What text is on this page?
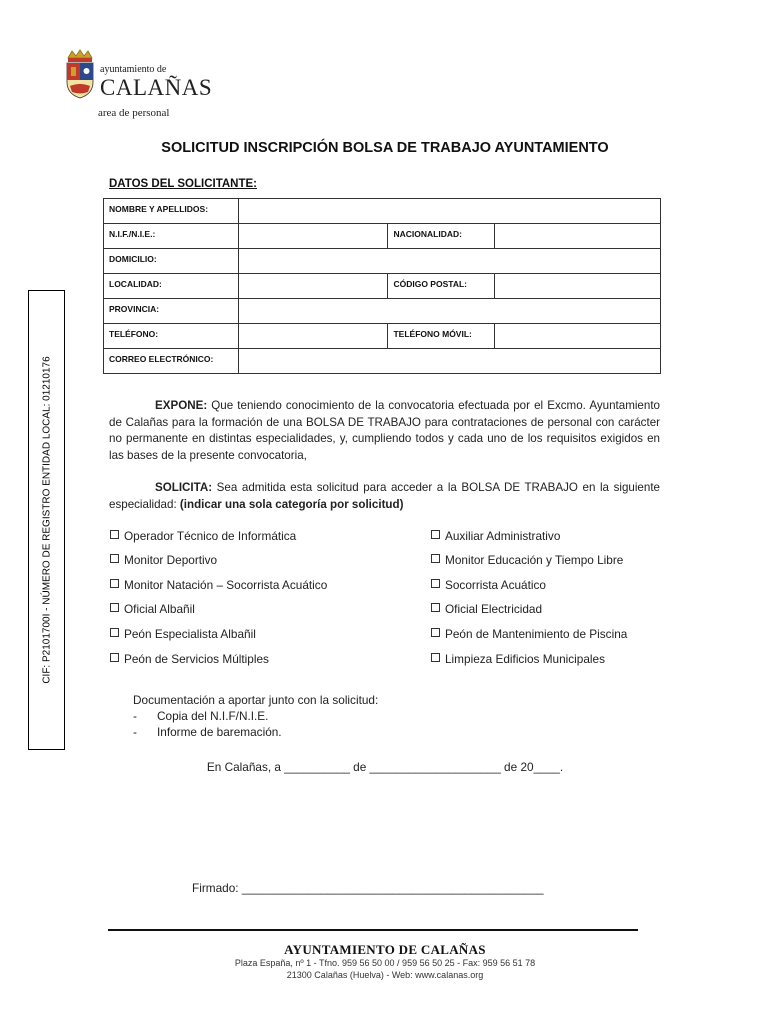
ayuntamiento de
CALAÑAS
area de personal
CIF: P2101700I - NÚMERO DE REGISTRO ENTIDAD LOCAL: 01210176
SOLICITUD INSCRIPCIÓN BOLSA DE TRABAJO AYUNTAMIENTO
DATOS DEL SOLICITANTE:
NOMBRE Y APELLIDOS:			
N.I.F./N.I.E.:		NACIONALIDAD:	
DOMICILIO:			
LOCALIDAD:		CÓDIGO POSTAL:	
PROVINCIA:			
TELÉFONO:		TELÉFONO MÓVIL:	
CORREO ELECTRÓNICO:			
EXPONE: Que teniendo conocimiento de la convocatoria efectuada por el Excmo. Ayuntamiento de Calañas para la formación de una BOLSA DE TRABAJO para contrataciones de personal con carácter no permanente en distintas especialidades, y, cumpliendo todos y cada uno de los requisitos exigidos en las bases de la presente convocatoria,
SOLICITA: Sea admitida esta solicitud para acceder a la BOLSA DE TRABAJO en la siguiente especialidad: (indicar una sola categoría por solicitud)
Operador Técnico de Informática
Monitor Deportivo
Monitor Natación – Socorrista Acuático
Oficial Albañil
Peón Especialista Albañil
Peón de Servicios Múltiples
Auxiliar Administrativo
Monitor Educación y Tiempo Libre
Socorrista Acuático
Oficial Electricidad
Peón de Mantenimiento de Piscina
Limpieza Edificios Municipales
Documentación a aportar junto con la solicitud:
- Copia del N.I.F/N.I.E.
- Informe de baremación.
En Calañas, a __________ de ____________________ de 20____.
Firmado: ______________________________________________
AYUNTAMIENTO DE CALAÑAS
Plaza España, nº 1 - Tfno. 959 56 50 00 / 959 56 50 25 - Fax: 959 56 51 78
21300 Calañas (Huelva) - Web: www.calanas.org
